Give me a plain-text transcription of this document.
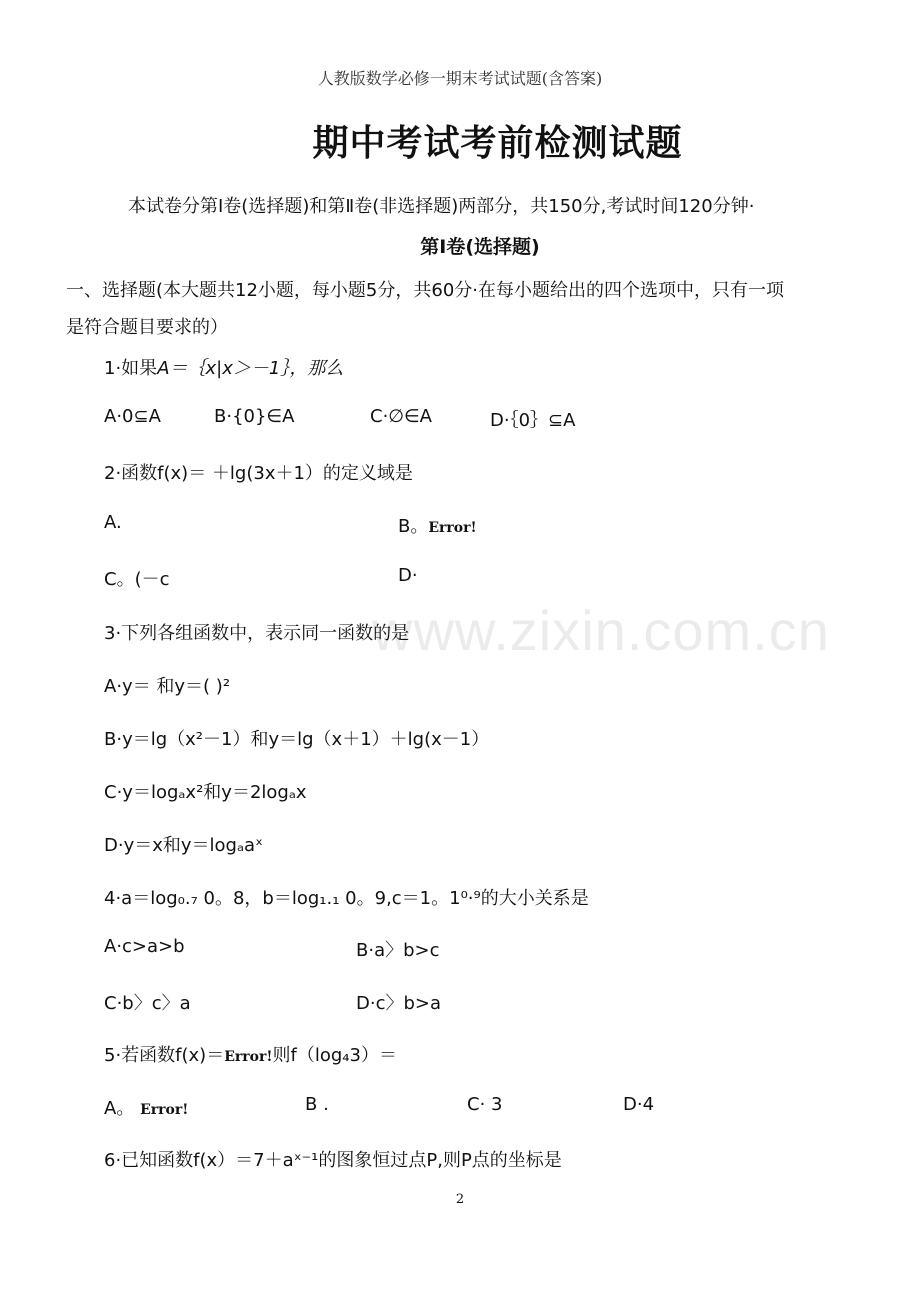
人教版数学必修一期末考试试题(含答案)
期中考试考前检测试题
本试卷分第Ⅰ卷(选择题)和第Ⅱ卷(非选择题)两部分，共150分,考试时间120分钟·
第Ⅰ卷(选择题)
一、选择题(本大题共12小题，每小题5分，共60分·在每小题给出的四个选项中，只有一项
是符合题目要求的）
1·如果A＝｛x|x＞－1｝，那么
A·0⊆A	B·{0}∈A	C·∅∈A	D·｛0｝⊆A
2·函数f(x)＝ ＋lg(3x＋1）的定义域是
A.	B。Error!
C。(－c	D·
3·下列各组函数中，表示同一函数的是
A·y＝ 和y＝( )²
B·y＝lg（x²－1）和y＝lg（x＋1）＋lg(x－1）
C·y＝logₐx²和y＝2logₐx
D·y＝x和y＝logₐaˣ
4·a＝log₀.₇ 0。8，b＝log₁.₁ 0。9,c＝1。1⁰·⁹的大小关系是
A·c>a>b	B·a〉b>c
C·b〉c〉a	D·c〉b>a
5·若函数f(x)＝Error!则f（log₄3）＝
A。 Error!	B .	C· 3	D·4
6·已知函数f(x）＝7＋aˣ⁻¹的图象恒过点P,则P点的坐标是
www.zixin.com.cn
2
